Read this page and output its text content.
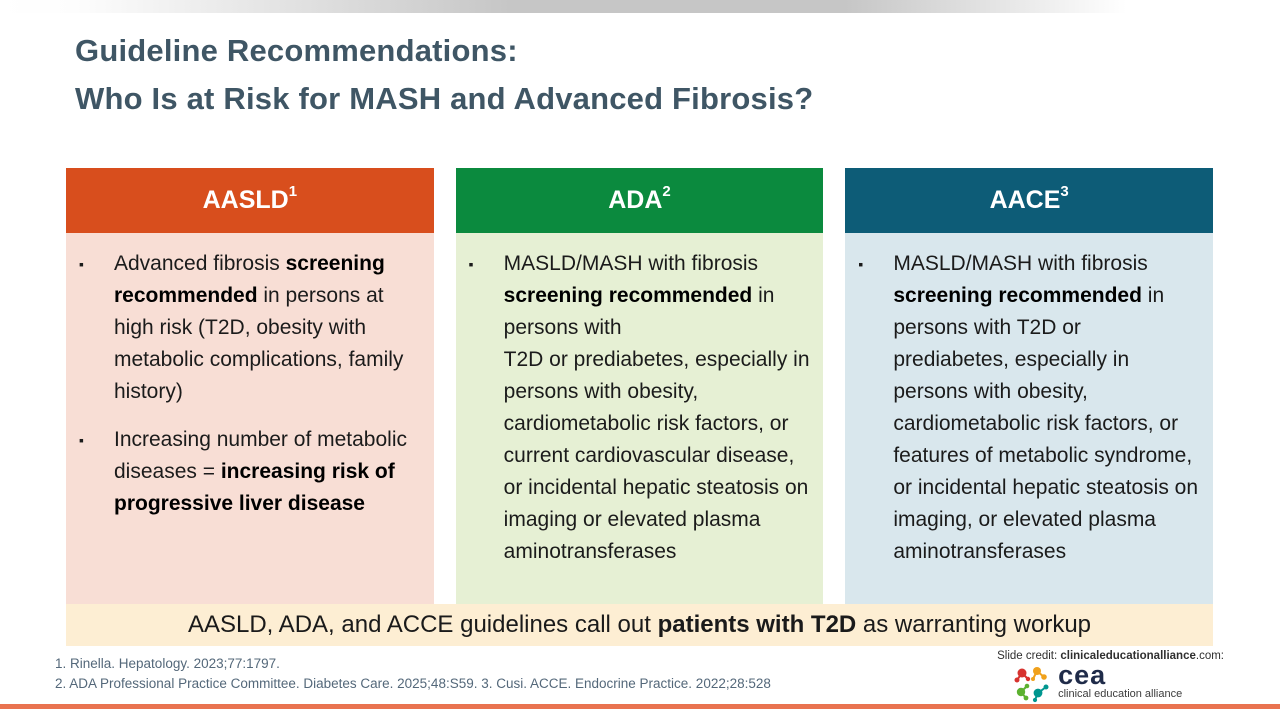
Guideline Recommendations:
Who Is at Risk for MASH and Advanced Fibrosis?
AASLD 1
▪	Advanced fibrosis screening recommended in persons at high risk (T2D, obesity with metabolic complications, family history)
▪	Increasing number of metabolic diseases = increasing risk of progressive liver disease
ADA 2
▪	MASLD/MASH with fibrosis screening recommended in persons with
T2D or prediabetes, especially in persons with obesity, cardiometabolic risk factors, or current cardiovascular disease, or incidental hepatic steatosis on imaging or elevated plasma aminotransferases
AACE 3
▪	MASLD/MASH with fibrosis screening recommended in persons with T2D or prediabetes, especially in persons with obesity, cardiometabolic risk factors, or features of metabolic syndrome, or incidental hepatic steatosis on imaging, or elevated plasma aminotransferases
AASLD, ADA, and ACCE guidelines call out patients with T2D as warranting workup
1. Rinella. Hepatology. 2023;77:1797.
2. ADA Professional Practice Committee. Diabetes Care. 2025;48:S59. 3. Cusi. ACCE. Endocrine Practice. 2022;28:528
Slide credit: clinicaleducationalliance.com:
cea
clinical education alliance
